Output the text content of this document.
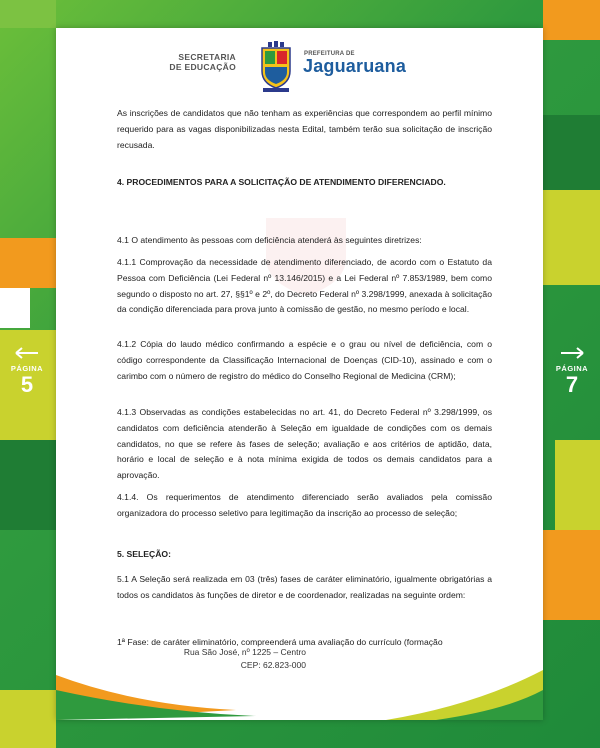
PÁGINA
5
PÁGINA
7
SECRETARIA DE EDUCAÇÃO
PREFEITURA DE
Jaguaruana

As inscrições de candidatos que não tenham as experiências que correspondem ao perfil mínimo requerido para as vagas disponibilizadas nesta Edital, também terão sua solicitação de inscrição recusada.

4. PROCEDIMENTOS PARA A SOLICITAÇÃO DE ATENDIMENTO DIFERENCIADO.

4.1 O atendimento às pessoas com deficiência atenderá às seguintes diretrizes:

4.1.1 Comprovação da necessidade de atendimento diferenciado, de acordo com o Estatuto da Pessoa com Deficiência (Lei Federal nº 13.146/2015) e a Lei Federal nº 7.853/1989, bem como segundo o disposto no art. 27, §§1º e 2º, do Decreto Federal nº 3.298/1999, anexada à solicitação da condição diferenciada para prova junto à comissão de gestão, no mesmo período e local.

4.1.2 Cópia do laudo médico confirmando a espécie e o grau ou nível de deficiência, com o código correspondente da Classificação Internacional de Doenças (CID-10), assinado e com o carimbo com o número de registro do médico do Conselho Regional de Medicina (CRM);

4.1.3 Observadas as condições estabelecidas no art. 41, do Decreto Federal nº 3.298/1999, os candidatos com deficiência atenderão à Seleção em igualdade de condições com os demais candidatos, no que se refere às fases de seleção; avaliação e aos critérios de aptidão, data, horário e local de seleção e à nota mínima exigida de todos os demais candidatos para a aprovação.

4.1.4. Os requerimentos de atendimento diferenciado serão avaliados pela comissão organizadora do processo seletivo para legitimação da inscrição ao processo de seleção;

5. SELEÇÃO:

5.1 A Seleção será realizada em 03 (três) fases de caráter eliminatório, igualmente obrigatórias a todos os candidatos às funções de diretor e de coordenador, realizadas na seguinte ordem:

1ª Fase: de caráter eliminatório, compreenderá uma avaliação do currículo (formação

Rua São José, nº 1225 – Centro
CEP: 62.823-000
